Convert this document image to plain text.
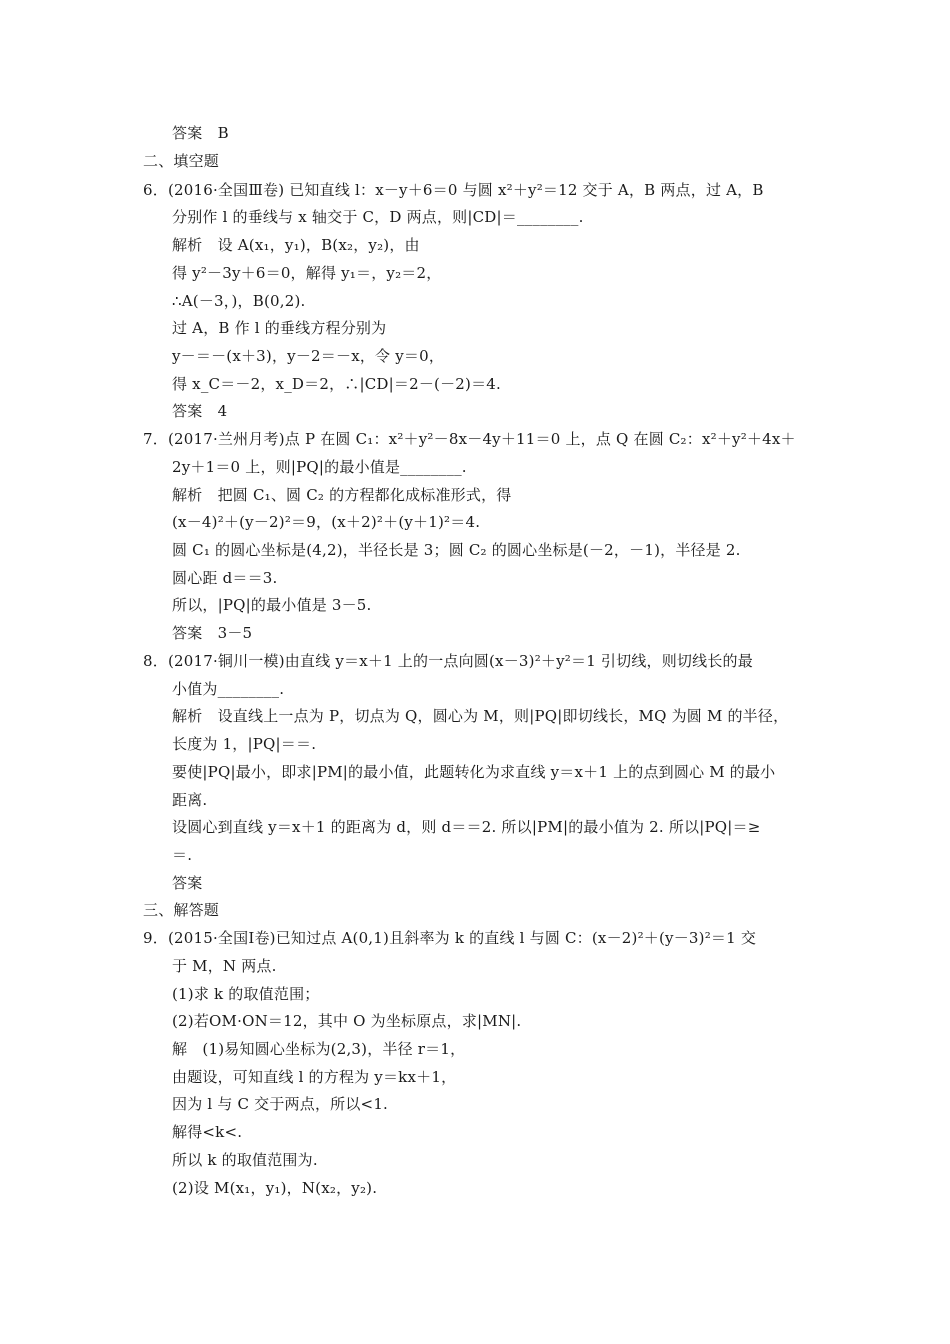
答案　B
二、填空题
6．(2016·全国Ⅲ卷) 已知直线 l：x－y＋6＝0 与圆 x²＋y²＝12 交于 A，B 两点，过 A，B
分别作 l 的垂线与 x 轴交于 C，D 两点，则|CD|＝________.
解析　设 A(x₁，y₁)，B(x₂，y₂)，由
得 y²－3y＋6＝0，解得 y₁＝，y₂＝2，
∴A(－3，)，B(0,2).
过 A，B 作 l 的垂线方程分别为
y－＝－(x＋3)，y－2＝－x，令 y＝0，
得 x_C＝－2，x_D＝2，∴|CD|＝2－(－2)＝4.
答案　4
7．(2017·兰州月考)点 P 在圆 C₁：x²＋y²－8x－4y＋11＝0 上，点 Q 在圆 C₂：x²＋y²＋4x＋
2y＋1＝0 上，则|PQ|的最小值是________.
解析　把圆 C₁、圆 C₂ 的方程都化成标准形式，得
(x－4)²＋(y－2)²＝9，(x＋2)²＋(y＋1)²＝4.
圆 C₁ 的圆心坐标是(4,2)，半径长是 3；圆 C₂ 的圆心坐标是(－2，－1)，半径是 2.
圆心距 d＝＝3.
所以，|PQ|的最小值是 3－5.
答案　3－5
8．(2017·铜川一模)由直线 y＝x＋1 上的一点向圆(x－3)²＋y²＝1 引切线，则切线长的最
小值为________.
解析　设直线上一点为 P，切点为 Q，圆心为 M，则|PQ|即切线长，MQ 为圆 M 的半径，
长度为 1，|PQ|＝＝.
要使|PQ|最小，即求|PM|的最小值，此题转化为求直线 y＝x＋1 上的点到圆心 M 的最小
距离.
设圆心到直线 y＝x＋1 的距离为 d，则 d＝＝2. 所以|PM|的最小值为 2. 所以|PQ|＝≥
＝.
答案
三、解答题
9．(2015·全国Ⅰ卷)已知过点 A(0,1)且斜率为 k 的直线 l 与圆 C：(x－2)²＋(y－3)²＝1 交
于 M，N 两点.
(1)求 k 的取值范围；
(2)若OM·ON＝12，其中 O 为坐标原点，求|MN|.
解　(1)易知圆心坐标为(2,3)，半径 r＝1，
由题设，可知直线 l 的方程为 y＝kx＋1，
因为 l 与 C 交于两点，所以<1.
解得<k<.
所以 k 的取值范围为.
(2)设 M(x₁，y₁)，N(x₂，y₂).
